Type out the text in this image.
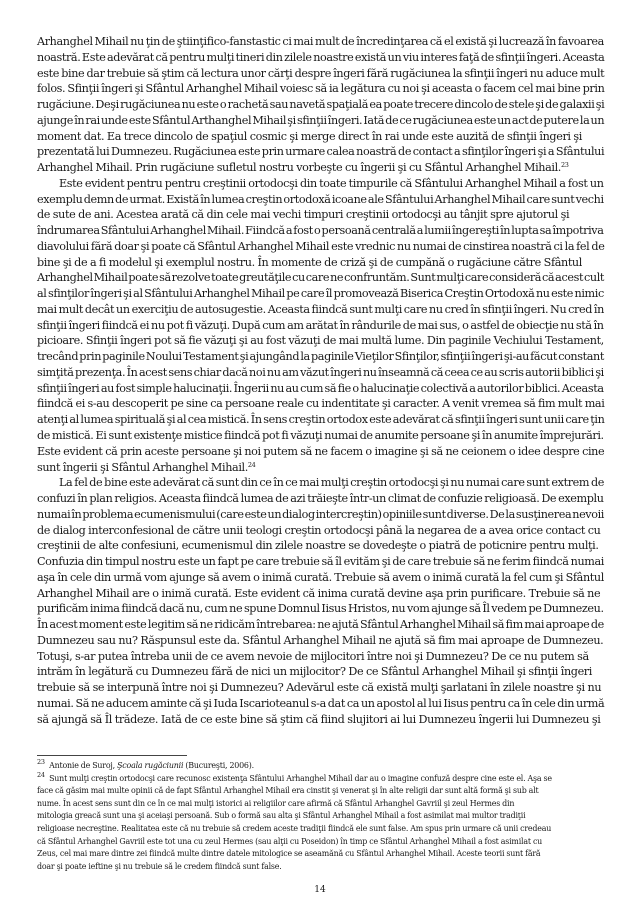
Arhanghel Mihail nu ţin de ştiinţifico-fanstastic ci mai mult de încredinţarea că el există şi lucrează în favoarea

noastră. Este adevărat că pentru mulţi tineri din zilele noastre există un viu interes faţă de sfinţii îngeri. Aceasta

este bine dar trebuie să ştim că lectura unor cărţi despre îngeri fără rugăciunea la sfinţii îngeri nu aduce mult

folos. Sfinţii îngeri şi Sfântul Arhanghel Mihail voiesc să ia legătura cu noi şi aceasta o facem cel mai bine prin

rugăciune. Deşi rugăciunea nu este o rachetă sau navetă spaţială ea poate trecere dincolo de stele şi de galaxii şi

ajunge în rai unde este Sfântul Arthanghel Mihail şi sfinţii îngeri. Iată de ce rugăciunea este un act de putere la un

moment dat. Ea trece dincolo de spaţiul cosmic şi merge direct în rai unde este auzită de sfinţii îngeri şi

prezentată lui Dumnezeu. Rugăciunea este prin urmare calea noastră de contact a sfinţilor îngeri şi a Sfântului

Arhanghel Mihail. Prin rugăciune sufletul nostru vorbeşte cu îngerii şi cu Sfântul Arhanghel Mihail.$^{23}$

Este evident pentru pentru creştinii ortodocşi din toate timpurile că Sfântului Arhanghel Mihail a fost un

exemplu demn de urmat. Există în lumea creştin ortodoxă icoane ale Sfântului Arhanghel Mihail care sunt vechi

de sute de ani. Acestea arată că din cele mai vechi timpuri creştinii ortodocşi au tânjit spre ajutorul şi

îndrumarea Sfântului Arhanghel Mihail. Fiindcă a fost o persoană centrală a lumii îngereşti în lupta sa împotriva

diavolului fără doar şi poate că Sfântul Arhanghel Mihail este vrednic nu numai de cinstirea noastră ci la fel de

bine şi de a fi modelul şi exemplul nostru. În momente de criză şi de cumpănă o rugăciune către Sfântul

Arhanghel Mihail poate să rezolve toate greutăţile cu care ne confruntăm. Sunt mulţi care consideră că acest cult

al sfinţilor îngeri şi al Sfântului Arhanghel Mihail pe care îl promovează Biserica Creştin Ortodoxă nu este nimic

mai mult decât un exerciţiu de autosugestie. Aceasta fiindcă sunt mulţi care nu cred în sfinţii îngeri. Nu cred în

sfinţii îngeri fiindcă ei nu pot fi văzuţi. După cum am arătat în rândurile de mai sus, o astfel de obiecţie nu stă în

picioare. Sfinţii îngeri pot să fie văzuţi şi au fost văzuţi de mai multă lume. Din paginile Vechiului Testament,

trecând prin paginile Noului Testament şi ajungând la paginile Vieţilor Sfinţilor, sfinţii îngeri şi-au făcut constant

simţită prezenţa. În acest sens chiar dacă noi nu am văzut îngeri nu înseamnă că ceea ce au scris autorii biblici şi

sfinţii îngeri au fost simple halucinaţii. Îngerii nu au cum să fie o halucinaţie colectivă a autorilor biblici. Aceasta

fiindcă ei s-au descoperit pe sine ca persoane reale cu indentitate şi caracter. A venit vremea să fim mult mai

atenţi al lumea spirituală şi al cea mistică. În sens creştin ortodox este adevărat că sfinţii îngeri sunt unii care ţin

de mistică. Ei sunt existenţe mistice fiindcă pot fi văzuţi numai de anumite persoane şi în anumite împrejurări.

Este evident că prin aceste persoane şi noi putem să ne facem o imagine şi să ne ceionem o idee despre cine

sunt îngerii şi Sfântul Arhanghel Mihail.$^{24}$

La fel de bine este adevărat că sunt din ce în ce mai mulţi creştin ortodocşi şi nu numai care sunt extrem de

confuzi în plan religios. Aceasta fiindcă lumea de azi trăieşte într-un climat de confuzie religioasă. De exemplu

numai în problema ecumenismului (care este un dialog intercreştin) opiniile sunt diverse. De la susţinerea nevoii

de dialog interconfesional de către unii teologi creştin ortodocşi până la negarea de a avea orice contact cu

creştinii de alte confesiuni, ecumenismul din zilele noastre se dovedeşte o piatră de poticnire pentru mulţi.

Confuzia din timpul nostru este un fapt pe care trebuie să îl evităm şi de care trebuie să ne ferim fiindcă numai

aşa în cele din urmă vom ajunge să avem o inimă curată. Trebuie să avem o inimă curată la fel cum şi Sfântul

Arhanghel Mihail are o inimă curată. Este evident că inima curată devine aşa prin purificare. Trebuie să ne

purificăm inima fiindcă dacă nu, cum ne spune Domnul Iisus Hristos, nu vom ajunge să Îl vedem pe Dumnezeu.

În acest moment este legitim să ne ridicăm întrebarea: ne ajută Sfântul Arhanghel Mihail să fim mai aproape de

Dumnezeu sau nu? Răspunsul este da. Sfântul Arhanghel Mihail ne ajută să fim mai aproape de Dumnezeu.

Totuşi, s-ar putea întreba unii de ce avem nevoie de mijlocitori între noi şi Dumnezeu? De ce nu putem să

intrăm în legătură cu Dumnezeu fără de nici un mijlocitor? De ce Sfântul Arhanghel Mihail şi sfinţii îngeri

trebuie să se interpună între noi şi Dumnezeu? Adevărul este că există mulţi şarlatani în zilele noastre şi nu

numai. Să ne aducem aminte că şi Iuda Iscarioteanul s-a dat ca un apostol al lui Iisus pentru ca în cele din urmă

să ajungă să Îl trădeze. Iată de ce este bine să ştim că fiind slujitori ai lui Dumnezeu îngerii lui Dumnezeu şi

$^{23}$ Antonie de Suroj, Şcoala rugăciunii (Bucureşti, 2006).

$^{24}$ Sunt mulţi creştin ortodocşi care recunosc existenţa Sfântului Arhanghel Mihail dar au o imagine confuză despre cine este el. Aşa se

face că găsim mai multe opinii că de fapt Sfântul Arhanghel Mihail era cinstit şi venerat şi în alte religii dar sunt altă formă şi sub alt

nume. În acest sens sunt din ce în ce mai mulţi istorici ai religiilor care afirmă că Sfântul Arhanghel Gavriil şi zeul Hermes din

mitologia greacă sunt una şi aceiaşi persoană. Sub o formă sau alta şi Sfântul Arhanghel Mihail a fost asimilat mai multor tradiţii

religioase necreştine. Realitatea este că nu trebuie să credem aceste tradiţii fiindcă ele sunt false. Am spus prin urmare că unii credeau

că Sfântul Arhanghel Gavriil este tot una cu zeul Hermes (sau alţii cu Poseidon) în timp ce Sfântul Arhanghel Mihail a fost asimilat cu

Zeus, cel mai mare dintre zei fiindcă multe dintre datele mitologice se aseamănă cu Sfântul Arhanghel Mihail. Aceste teorii sunt fără

doar şi poate ieftine şi nu trebuie să le credem fiindcă sunt false.

14
